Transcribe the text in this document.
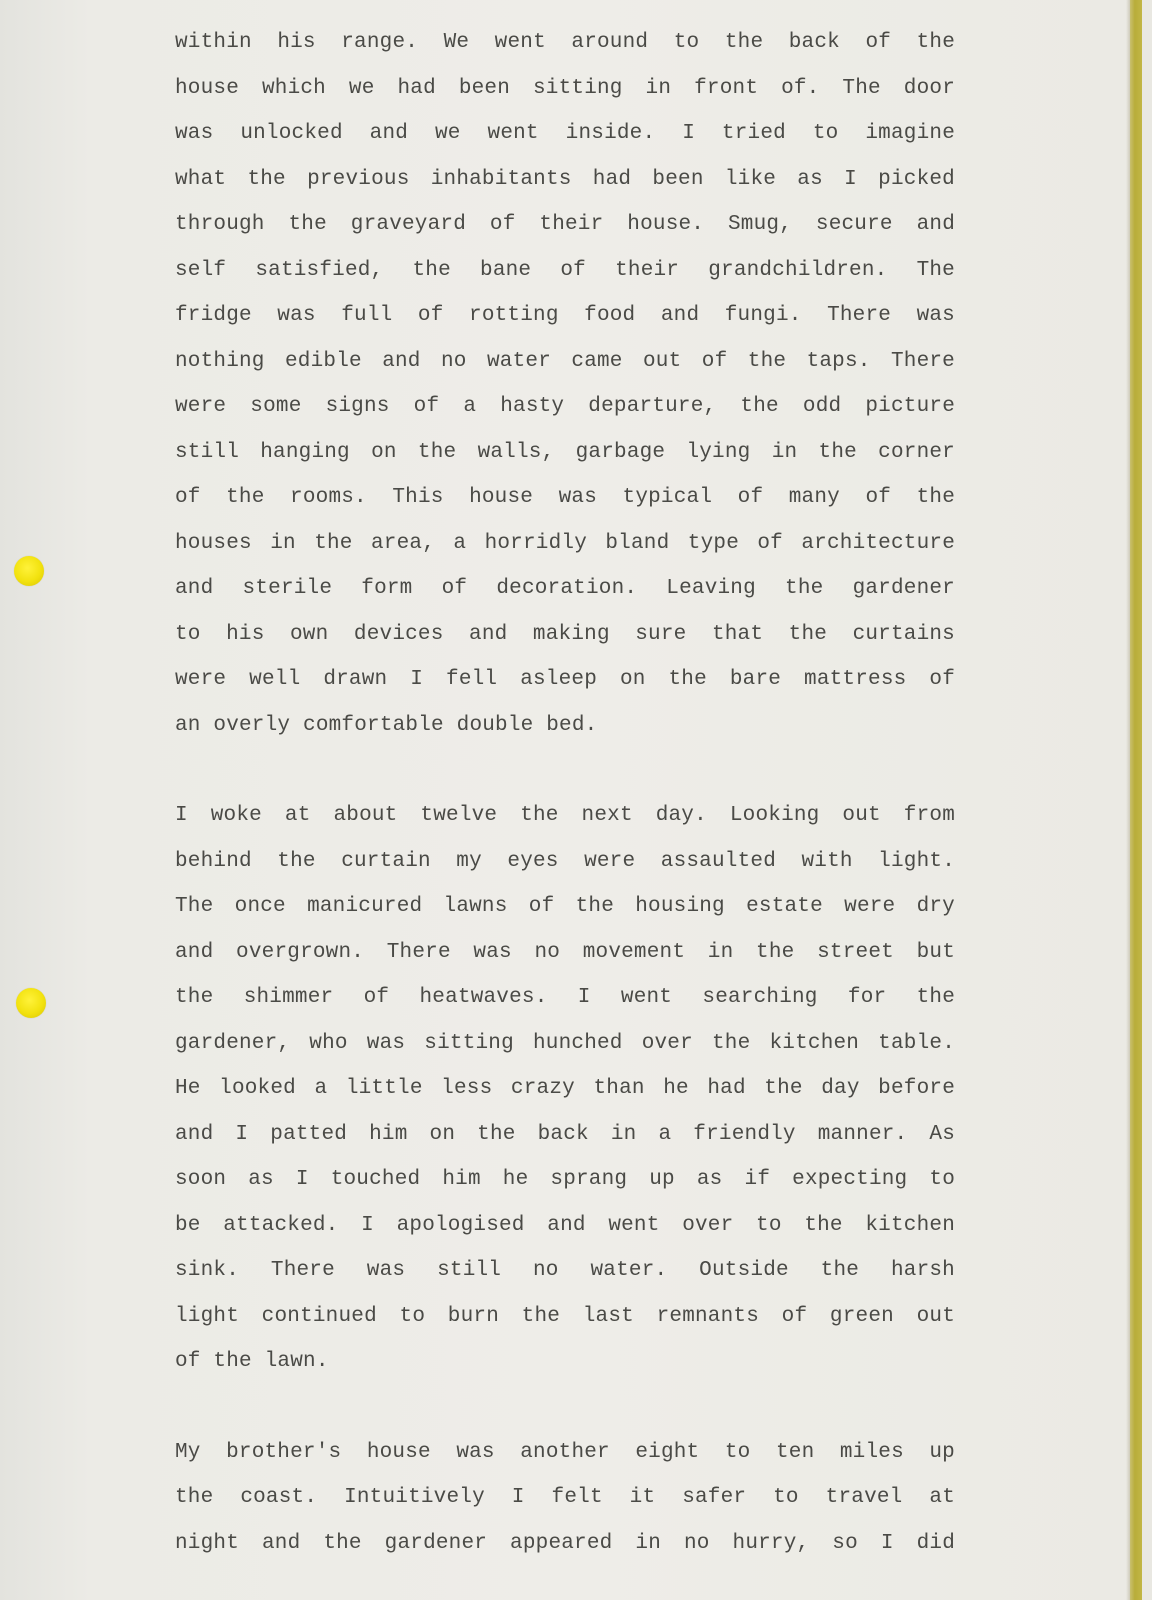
within his range. We went around to the back of the
house which we had been sitting in front of. The door
was unlocked and we went inside. I tried to imagine
what the previous inhabitants had been like as I picked
through the graveyard of their house. Smug, secure and
self satisfied, the bane of their grandchildren. The
fridge was full of rotting food and fungi. There was
nothing edible and no water came out of the taps. There
were some signs of a hasty departure, the odd picture
still hanging on the walls, garbage lying in the corner
of the rooms. This house was typical of many of the
houses in the area, a horridly bland type of architecture
and sterile form of decoration. Leaving the gardener
to his own devices and making sure that the curtains
were well drawn I fell asleep on the bare mattress of
an overly comfortable double bed.
I woke at about twelve the next day. Looking out from
behind the curtain my eyes were assaulted with light.
The once manicured lawns of the housing estate were dry
and overgrown. There was no movement in the street but
the shimmer of heatwaves. I went searching for the
gardener, who was sitting hunched over the kitchen table.
He looked a little less crazy than he had the day before
and I patted him on the back in a friendly manner. As
soon as I touched him he sprang up as if expecting to
be attacked. I apologised and went over to the kitchen
sink. There was still no water. Outside the harsh
light continued to burn the last remnants of green out
of the lawn.
My brother's house was another eight to ten miles up
the coast. Intuitively I felt it safer to travel at
night and the gardener appeared in no hurry, so I did
